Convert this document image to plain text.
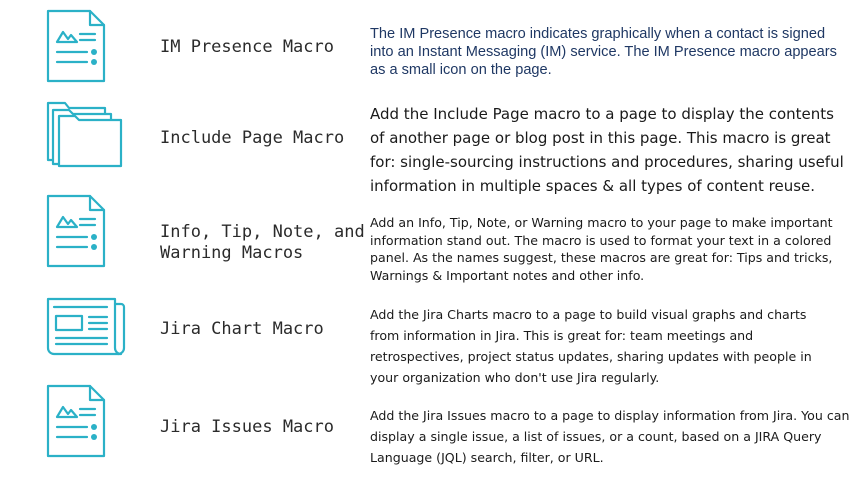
IM Presence Macro
The IM Presence macro indicates graphically when a contact is signed into an Instant Messaging (IM) service. The IM Presence macro appears as a small icon on the page.
Include Page Macro
Add the Include Page macro to a page to display the contents of another page or blog post in this page. This macro is great for: single-sourcing instructions and procedures, sharing useful information in multiple spaces & all types of content reuse.
Info, Tip, Note, and
Warning Macros
Add an Info, Tip, Note, or Warning macro to your page to make important information stand out. The macro is used to format your text in a colored panel. As the names suggest, these macros are great for: Tips and tricks, Warnings & Important notes and other info.
Jira Chart Macro
Add the Jira Charts macro to a page to build visual graphs and charts from information in Jira. This is great for: team meetings and retrospectives, project status updates, sharing updates with people in your organization who don't use Jira regularly.
Jira Issues Macro
Add the Jira Issues macro to a page to display information from Jira. You can display a single issue, a list of issues, or a count, based on a JIRA Query Language (JQL) search, filter, or URL.
